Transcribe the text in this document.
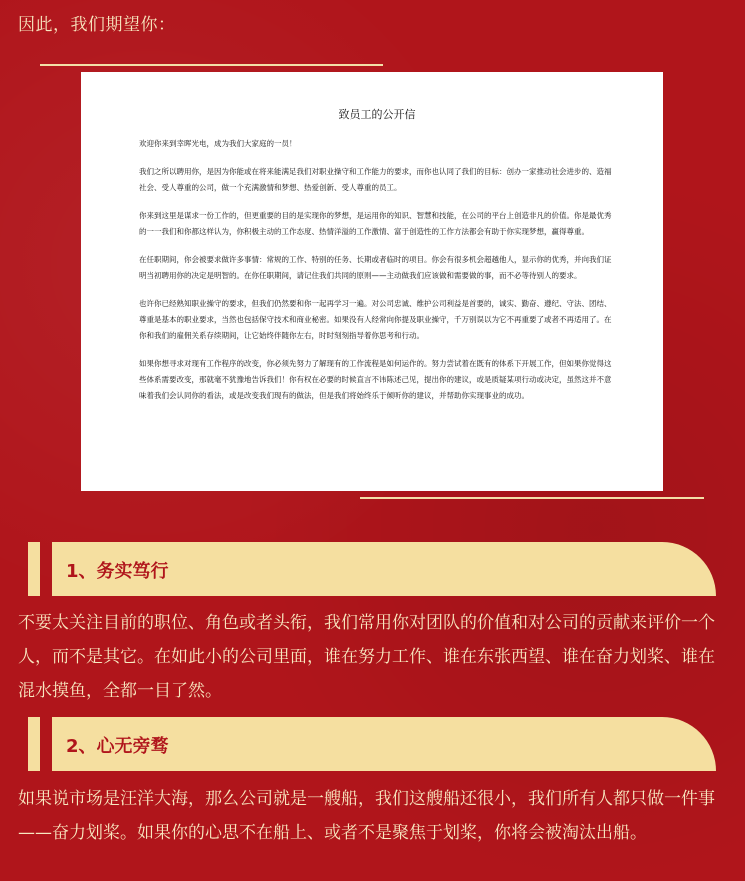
因此，我们期望你：
致员工的公开信

欢迎你来到幸晖光电，成为我们大家庭的一员！

我们之所以聘用你，是因为你能或在将来能满足我们对职业操守和工作能力的要求，而你也认同了我们的目标：创办一家推动社会进步的、造福社会、受人尊重的公司，做一个充满激情和梦想、热爱创新、受人尊重的员工。

你来到这里是谋求一份工作的，但更重要的目的是实现你的梦想，是运用你的知识、智慧和技能，在公司的平台上创造非凡的价值。你是最优秀的一一我们和你都这样认为，你积极主动的工作态度、热情洋溢的工作激情、富于创造性的工作方法都会有助于你实现梦想，赢得尊重。

在任职期间，你会被要求做许多事情：常规的工作、特别的任务、长期或者临时的项目。你会有很多机会超越他人，显示你的优秀，并向我们证明当初聘用你的决定是明智的。在你任职期间，请记住我们共同的原则——主动做我们应该做和需要做的事，而不必等待别人的要求。

也许你已经熟知职业操守的要求，但我们仍然要和你一起再学习一遍。对公司忠诚、维护公司利益是首要的，诚实、勤奋、遵纪、守法、团结、尊重是基本的职业要求，当然也包括保守技术和商业秘密。如果没有人经常向你提及职业操守，千万别误以为它不再重要了或者不再适用了。在你和我们的雇佣关系存续期间，让它始终伴随你左右，时时刻刻指导着你思考和行动。

如果你想寻求对现有工作程序的改变，你必须先努力了解现有的工作流程是如何运作的。努力尝试着在既有的体系下开展工作，但如果你觉得这些体系需要改变，那就毫不犹豫地告诉我们！你有权在必要的时候直言不讳陈述己见，提出你的建议，或是质疑某项行动或决定，虽然这并不意味着我们会认同你的看法，或是改变我们现有的做法，但是我们将始终乐于倾听你的建议，并帮助你实现事业的成功。

1、务实笃行

不要太关注目前的职位、角色或者头衔，我们常用你对团队的价值和对公司的贡献来评价一个人，而不是其它。在如此小的公司里面，谁在努力工作、谁在东张西望、谁在奋力划桨、谁在混水摸鱼，全都一目了然。

2、心无旁骛

如果说市场是汪洋大海，那么公司就是一艘船，我们这艘船还很小，我们所有人都只做一件事——奋力划桨。如果你的心思不在船上、或者不是聚焦于划桨，你将会被淘汰出船。
